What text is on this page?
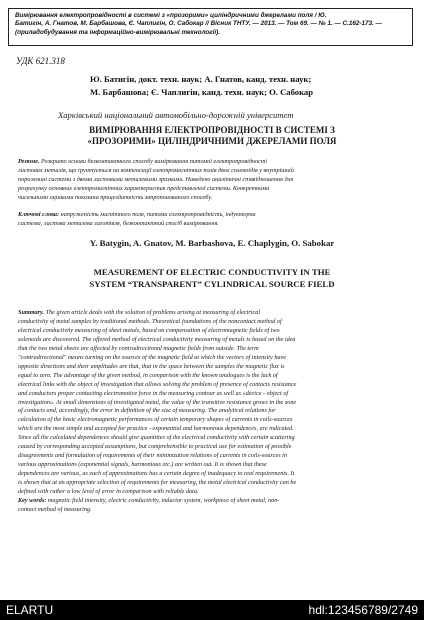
Вимірювання електропровідності в системі з «прозорими» циліндричними джерелами поля / Ю.
Батигін, А. Гнатов, М. Барбашова, Є. Чаплигін, О. Сабокар // Вісник ТНТУ. — 2013. — Том 69. — № 1. — С.162-173. —
(приладобудування та інформаційно-вимірювальні технології).
УДК 621.318
Ю. Батигін, докт. техн. наук; А. Гнатов, канд. техн. наук;
М. Барбашова; Є. Чаплигін, канд. техн. наук; О. Сабокар
Харківський національний автомобільно-дорожній університет
ВИМІРЮВАННЯ ЕЛЕКТРОПРОВІДНОСТІ В СИСТЕМІ З
«ПРОЗОРИМИ» ЦИЛІНДРИЧНИМИ ДЖЕРЕЛАМИ ПОЛЯ
Резюме. Розкрито основи безконтактного способу вимірювання питомої електропровідності
листових металів, що ґрунтується на компенсації електромагнітних полів двох соленоїдів у внутрішній
порожнині системи з двома листовими металевими зразками. Наведено аналітичні співвідношення для
розрахунку основних електромагнітних характеристик представленої системи. Конкретними
чисельними оцінками показана працездатність запропонованого способу.
Ключові слова: напруженість магнітного поля, питома електропровідність, індукторна
система, листова металева заготівля, безконтактний спосіб вимірювання.
Y. Batygin, A. Gnatov, M. Barbashova, E. Chaplygin, O. Sabokar
MEASUREMENT OF ELECTRIC CONDUCTIVITY IN THE
SYSTEM “TRANSPARENT” CYLINDRICAL SOURCE FIELD
Summary. The given article deals with the solution of problems arising at measuring of electrical
conductivity of metal samples by traditional methods. Theoretical foundations of the noncontact method of
electrical conductivity measuring of sheet metals, based on compensation of electromagnetic fields of two
solenoids are discovered. The offered method of electrical conductivity measuring of metals is based on the idea
that the two metal sheets are affected by contradirectional magnetic fields from outside. The term
"contradirectional" means turning on the sources of the magnetic field at which the vectors of intensity have
opposite directions and their amplitudes are that, that in the space between the samples the magnetic flux is
equal to zero. The advantage of the given method, in comparison with the known analogues is the lack of
electrical links with the object of investigation that allows solving the problem of presence of contacts resistance
and conductors proper contacting electromotive force in the measuring contour as well as «device - object of
investigation». At small dimensions of investigated metal, the value of the transitive resistance grows in the zone
of contacts and, accordingly, the error in definition of the size of measuring. The analytical relations for
calculation of the basic electromagnetic performances of certain temporary shapes of currents in coils-sources
which are the most simple and accepted for practice - exponential and harmonious dependences, are indicated.
Since all the calculated dependences should give quantities of the electrical conductivity with certain scattering
caused by corresponding accepted assumptions, but comprehensible to practical use for estimation of possible
disagreements and formulation of requirements of their minimization relations of currents in coils-sources in
various approximations (exponential signals, harmonious etc.) are written out. It is shown that these
dependences are various, as each of approximations has a certain degree of inadequacy to real requirements. It
is shown that at an appropriate selection of requirements for measuring, the metal electrical conductivity can be
defined with rather a low level of error in comparison with reliable data.
Key words: magnetic field intensity, electric conductivity, inductor system, workpiece of sheet metal, non-
contact method of measuring.
ELARTU	hdl:123456789/2749
